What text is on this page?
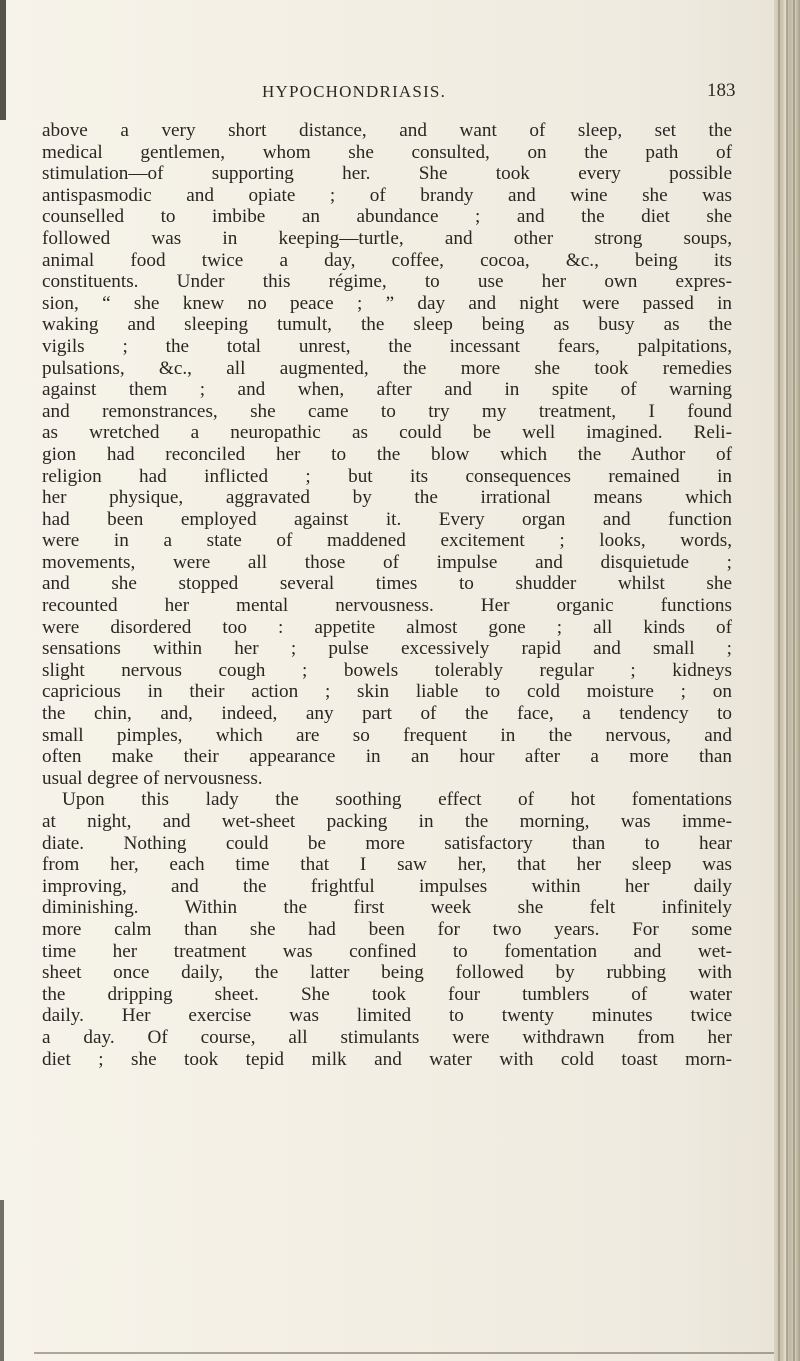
HYPOCHONDRIASIS.	183
above a very short distance, and want of sleep, set the
medical gentlemen, whom she consulted, on the path of
stimulation—of supporting her. She took every possible
antispasmodic and opiate ; of brandy and wine she was
counselled to imbibe an abundance ; and the diet she
followed was in keeping—turtle, and other strong soups,
animal food twice a day, coffee, cocoa, &c., being its
constituents. Under this régime, to use her own expres-
sion, “ she knew no peace ; ” day and night were passed in
waking and sleeping tumult, the sleep being as busy as the
vigils ; the total unrest, the incessant fears, palpitations,
pulsations, &c., all augmented, the more she took remedies
against them ; and when, after and in spite of warning
and remonstrances, she came to try my treatment, I found
as wretched a neuropathic as could be well imagined. Reli-
gion had reconciled her to the blow which the Author of
religion had inflicted ; but its consequences remained in
her physique, aggravated by the irrational means which
had been employed against it. Every organ and function
were in a state of maddened excitement ; looks, words,
movements, were all those of impulse and disquietude ;
and she stopped several times to shudder whilst she
recounted her mental nervousness. Her organic functions
were disordered too : appetite almost gone ; all kinds of
sensations within her ; pulse excessively rapid and small ;
slight nervous cough ; bowels tolerably regular ; kidneys
capricious in their action ; skin liable to cold moisture ; on
the chin, and, indeed, any part of the face, a tendency to
small pimples, which are so frequent in the nervous, and
often make their appearance in an hour after a more than
usual degree of nervousness.
Upon this lady the soothing effect of hot fomentations
at night, and wet-sheet packing in the morning, was imme-
diate. Nothing could be more satisfactory than to hear
from her, each time that I saw her, that her sleep was
improving, and the frightful impulses within her daily
diminishing. Within the first week she felt infinitely
more calm than she had been for two years. For some
time her treatment was confined to fomentation and wet-
sheet once daily, the latter being followed by rubbing with
the dripping sheet. She took four tumblers of water
daily. Her exercise was limited to twenty minutes twice
a day. Of course, all stimulants were withdrawn from her
diet ; she took tepid milk and water with cold toast morn-
